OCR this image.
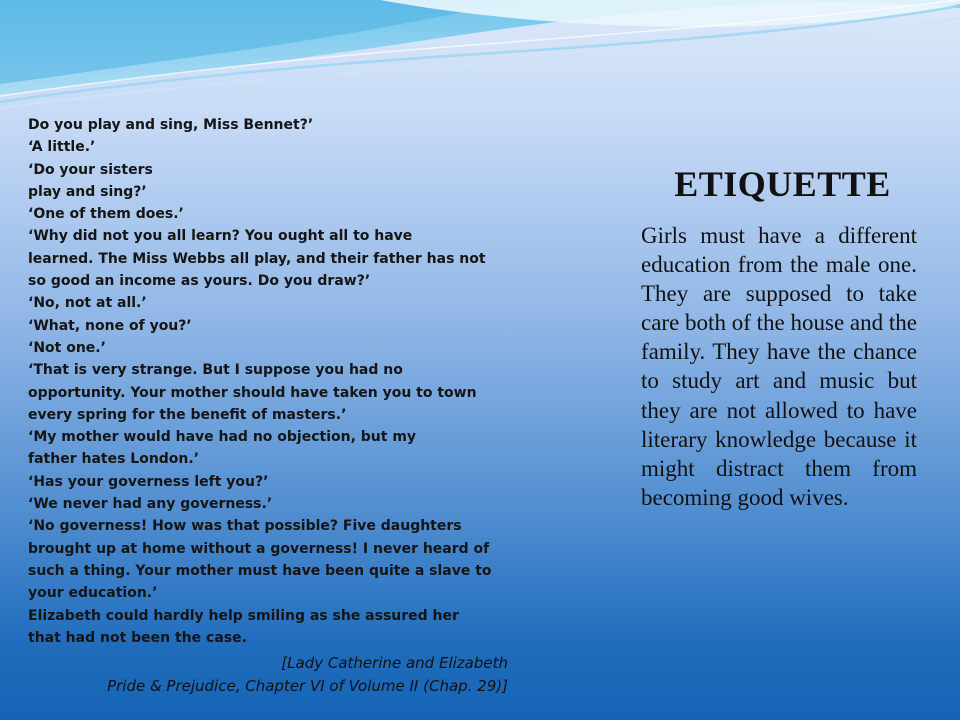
Do you play and sing, Miss Bennet?’
‘A little.’
‘Do your sisters
play and sing?’
‘One of them does.’
‘Why did not you all learn? You ought all to have
learned. The Miss Webbs all play, and their father has not
so good an income as yours. Do you draw?’
‘No, not at all.’
‘What, none of you?’
‘Not one.’
‘That is very strange. But I suppose you had no
opportunity. Your mother should have taken you to town
every spring for the benefit of masters.’
‘My mother would have had no objection, but my
father hates London.’
‘Has your governess left you?’
‘We never had any governess.’
‘No governess! How was that possible? Five daughters
brought up at home without a governess! I never heard of
such a thing. Your mother must have been quite a slave to
your education.’
Elizabeth could hardly help smiling as she assured her
that had not been the case.
[Lady Catherine and Elizabeth
Pride & Prejudice, Chapter VI of Volume II (Chap. 29)]
ETIQUETTE
Girls must have a different education from the male one. They are supposed to take care both of the house and the family. They have the chance to study art and music but they are not allowed to have literary knowledge because it might distract them from becoming good wives.
